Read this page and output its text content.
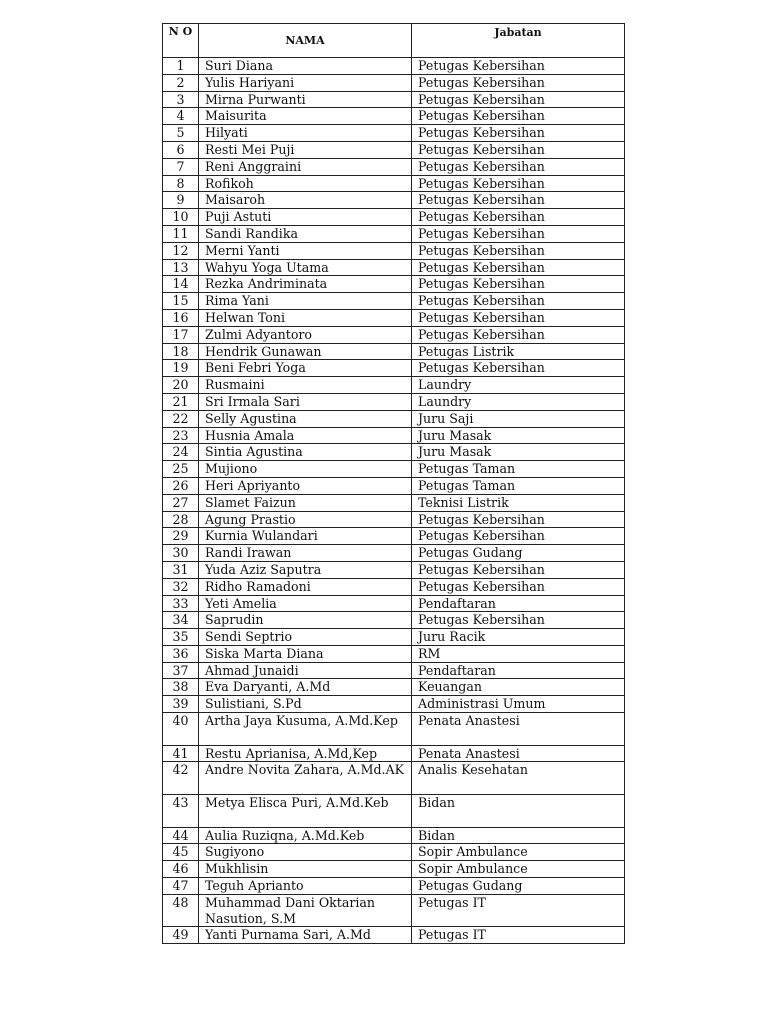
N O	NAMA	Jabatan
1	Suri Diana	Petugas Kebersihan
2	Yulis Hariyani	Petugas Kebersihan
3	Mirna Purwanti	Petugas Kebersihan
4	Maisurita	Petugas Kebersihan
5	Hilyati	Petugas Kebersihan
6	Resti Mei Puji	Petugas Kebersihan
7	Reni Anggraini	Petugas Kebersihan
8	Rofikoh	Petugas Kebersihan
9	Maisaroh	Petugas Kebersihan
10	Puji Astuti	Petugas Kebersihan
11	Sandi Randika	Petugas Kebersihan
12	Merni Yanti	Petugas Kebersihan
13	Wahyu Yoga Utama	Petugas Kebersihan
14	Rezka Andriminata	Petugas Kebersihan
15	Rima Yani	Petugas Kebersihan
16	Helwan Toni	Petugas Kebersihan
17	Zulmi Adyantoro	Petugas Kebersihan
18	Hendrik Gunawan	Petugas Listrik
19	Beni Febri Yoga	Petugas Kebersihan
20	Rusmaini	Laundry
21	Sri Irmala Sari	Laundry
22	Selly Agustina	Juru Saji
23	Husnia Amala	Juru Masak
24	Sintia Agustina	Juru Masak
25	Mujiono	Petugas Taman
26	Heri Apriyanto	Petugas Taman
27	Slamet Faizun	Teknisi Listrik
28	Agung Prastio	Petugas Kebersihan
29	Kurnia Wulandari	Petugas Kebersihan
30	Randi Irawan	Petugas Gudang
31	Yuda Aziz Saputra	Petugas Kebersihan
32	Ridho Ramadoni	Petugas Kebersihan
33	Yeti Amelia	Pendaftaran
34	Saprudin	Petugas Kebersihan
35	Sendi Septrio	Juru Racik
36	Siska Marta Diana	RM
37	Ahmad Junaidi	Pendaftaran
38	Eva Daryanti, A.Md	Keuangan
39	Sulistiani, S.Pd	Administrasi Umum
40	Artha Jaya Kusuma, A.Md.Kep	Penata Anastesi
41	Restu Aprianisa, A.Md,Kep	Penata Anastesi
42	Andre Novita Zahara, A.Md.AK	Analis Kesehatan
43	Metya Elisca Puri, A.Md.Keb	Bidan
44	Aulia Ruziqna, A.Md.Keb	Bidan
45	Sugiyono	Sopir Ambulance
46	Mukhlisin	Sopir Ambulance
47	Teguh Aprianto	Petugas Gudang
48	Muhammad Dani Oktarian Nasution, S.M	Petugas IT
49	Yanti Purnama Sari, A.Md	Petugas IT
